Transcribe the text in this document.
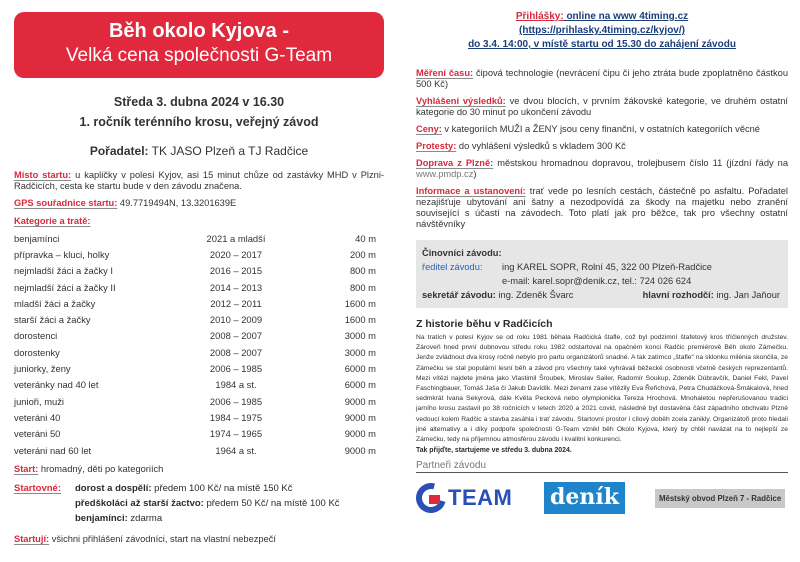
Běh okolo Kyjova -
Velká cena společnosti G-Team
Středa 3. dubna 2024 v 16.30
1. ročník terénního krosu, veřejný závod
Pořadatel: TK JASO Plzeň a TJ Radčice

Místo startu: u kapličky v polesí Kyjov, asi 15 minut chůze od zastávky MHD v Plzni-Radčicích, cesta ke startu bude v den závodu značena.

GPS souřadnice startu: 49.7719494N, 13.3201639E

Kategorie a tratě:

benjamínci	2021 a mladší	40 m
přípravka – kluci, holky	2020 – 2017	200 m
nejmladší žáci a žačky I	2016 – 2015	800 m
nejmladší žáci a žačky II	2014 – 2013	800 m
mladší žáci a žačky	2012 – 2011	1600 m
starší žáci a žačky	2010 – 2009	1600 m
dorostenci	2008 – 2007	3000 m
dorostenky	2008 – 2007	3000 m
juniorky, ženy	2006 – 1985	6000 m
veteránky nad 40 let	1984 a st.	6000 m
junioři, muži	2006 – 1985	9000 m
veteráni 40	1984 – 1975	9000 m
veteráni 50	1974 – 1965	9000 m
veteráni nad 60 let	1964 a st.	9000 m

Start: hromadný, děti po kategoriích

Startovné: dorost a dospělí: předem 100 Kč/ na místě 150 Kč
předškoláci až starší žactvo: předem 50 Kč/ na místě 100 Kč
benjamínci: zdarma

Startují: všichni přihlášení závodníci, start na vlastní nebezpečí

Přihlášky: online na www 4timing.cz
(https://prihlasky.4timing.cz/kyjov/)
do 3.4. 14:00, v místě startu od 15.30 do zahájení závodu

Měření času: čipová technologie (nevrácení čipu či jeho ztráta bude zpoplatněno částkou 500 Kč)

Vyhlášení výsledků: ve dvou blocích, v prvním žákovské kategorie, ve druhém ostatní kategorie do 30 minut po ukončení závodu

Ceny: v kategoriích MUŽI a ŽENY jsou ceny finanční, v ostatních kategoriích věcné

Protesty: do vyhlášení výsledků s vkladem 300 Kč

Doprava z Plzně: městskou hromadnou dopravou, trolejbusem číslo 11 (jízdní řády na www.pmdp.cz)

Informace a ustanovení: trať vede po lesních cestách, částečně po asfaltu. Pořadatel nezajišťuje ubytování ani šatny a nezodpovídá za škody na majetku nebo zranění související s účastí na závodech. Toto platí jak pro běžce, tak pro všechny ostatní návštěvníky

Činovníci závodu:
ředitel závodu:	ing KAREL SOPR, Rolní 45, 322 00 Plzeň-Radčice
e-mail: karel.sopr@denik.cz, tel.: 724 026 624
sekretář závodu: ing. Zdeněk Švarc	hlavní rozhodčí: ing. Jan Jaňour
Z historie běhu v Radčicích

Na tratích v polesí Kyjov se od roku 1981 běhala Radčická štafle, což byl podzimní štafetový kros tříčlenných družstev. Zároveň hned první dubnovou středu roku 1982 odstartoval na opačném konci Radčic premiérově Běh okolo Zámečku. Jenže zvládnout dva krosy ročně nebylo pro partu organizátorů snadné. A tak zatímco „štafle“ na sklonku milénia skončila, ze Zámečku se stal populární lesní běh a závod pro všechny také vyhrávali běžecké osobnosti včetně českých reprezentantů. Mezi vítězi najdete jména jako Vlastimil Šroubek, Miroslav Sailer, Radomír Soukup, Zdeněk Dúbravčík, Daniel Fekl, Pavel Faschingbauer, Tomáš Jaša či Jakub Davídík. Mezi ženami zase vítězily Eva Řeřichová, Petra Chudáčková-Šmákalová, hned sedmkrát Ivana Sekyrová, dále Květa Pecková nebo olympionička Tereza Hrochová. Mnohaletou nepřerušovanou tradici jarního krosu zastavil po 38 ročnících v letech 2020 a 2021 covid, následně byl dostavěna část západního obchvatu Plzně vedoucí kolem Radčic a stavba zasáhla i trať závodu. Startovní prostor i cílový doběh zcela zanikly. Organizátoři proto hledali jiné alternativy a i díky podpoře společnosti G-Team vznikl běh Okolo Kyjova, který by chtěl navázat na to nejlepší ze Zámečku, tedy na příjemnou atmosférou závodu i kvalitní konkurenci.

Tak přijďte, startujeme ve středu 3. dubna 2024.

Partneři závodu
TEAM deník	Městský obvod Plzeň 7 - Radčice
